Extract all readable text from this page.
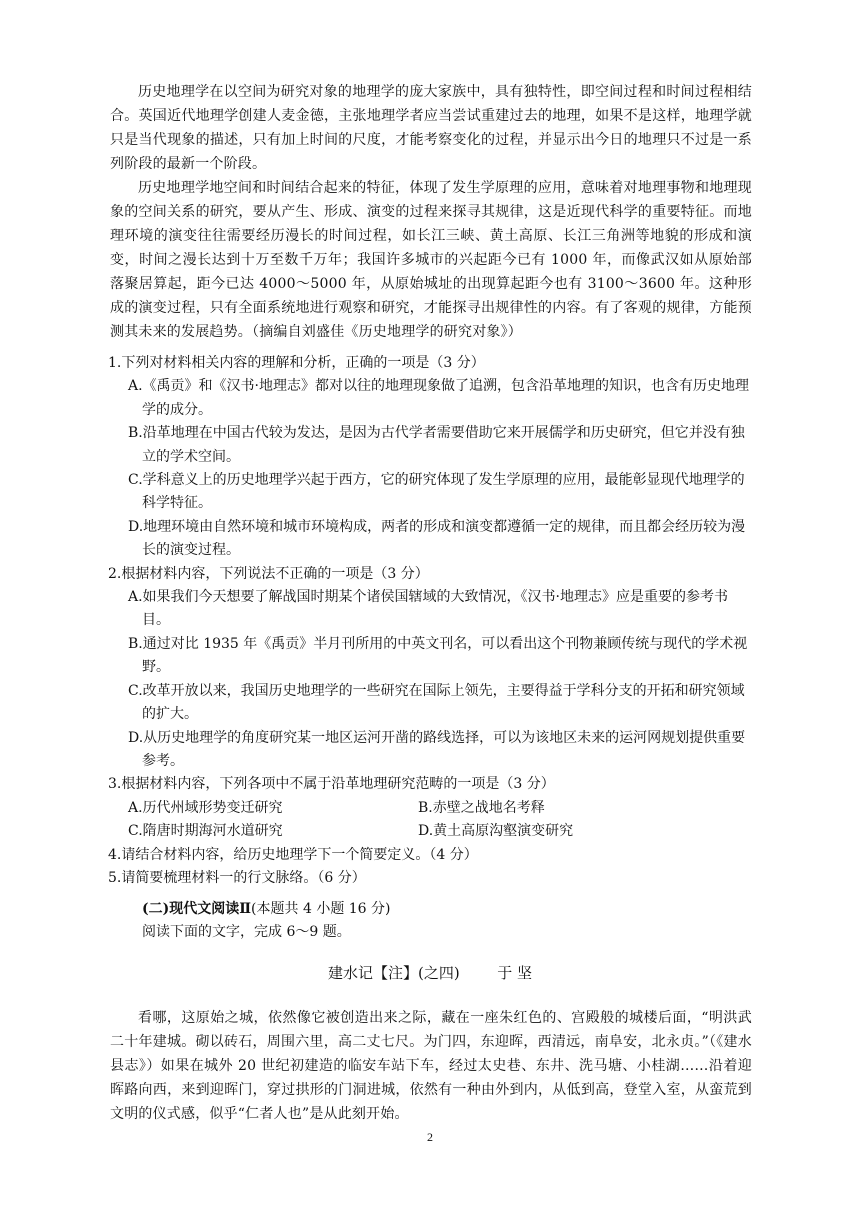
历史地理学在以空间为研究对象的地理学的庞大家族中，具有独特性，即空间过程和时间过程相结合。英国近代地理学创建人麦金德，主张地理学者应当尝试重建过去的地理，如果不是这样，地理学就只是当代现象的描述，只有加上时间的尺度，才能考察变化的过程，并显示出今日的地理只不过是一系列阶段的最新一个阶段。

历史地理学地空间和时间结合起来的特征，体现了发生学原理的应用，意味着对地理事物和地理现象的空间关系的研究，要从产生、形成、演变的过程来探寻其规律，这是近现代科学的重要特征。而地理环境的演变往往需要经历漫长的时间过程，如长江三峡、黄土高原、长江三角洲等地貌的形成和演变，时间之漫长达到十万至数千万年；我国许多城市的兴起距今已有 1000 年，而像武汉如从原始部落聚居算起，距今已达 4000～5000 年，从原始城址的出现算起距今也有 3100～3600 年。这种形成的演变过程，只有全面系统地进行观察和研究，才能探寻出规律性的内容。有了客观的规律，方能预测其未来的发展趋势。（摘编自刘盛佳《历史地理学的研究对象》）

1.下列对材料相关内容的理解和分析，正确的一项是（3 分）

A.《禹贡》和《汉书·地理志》都对以往的地理现象做了追溯，包含沿革地理的知识，也含有历史地理学的成分。

B.沿革地理在中国古代较为发达，是因为古代学者需要借助它来开展儒学和历史研究，但它并没有独立的学术空间。

C.学科意义上的历史地理学兴起于西方，它的研究体现了发生学原理的应用，最能彰显现代地理学的科学特征。

D.地理环境由自然环境和城市环境构成，两者的形成和演变都遵循一定的规律，而且都会经历较为漫长的演变过程。

2.根据材料内容，下列说法不正确的一项是（3 分）

A.如果我们今天想要了解战国时期某个诸侯国辖域的大致情况，《汉书·地理志》应是重要的参考书目。

B.通过对比 1935 年《禹贡》半月刊所用的中英文刊名，可以看出这个刊物兼顾传统与现代的学术视野。

C.改革开放以来，我国历史地理学的一些研究在国际上领先，主要得益于学科分支的开拓和研究领域的扩大。

D.从历史地理学的角度研究某一地区运河开凿的路线选择，可以为该地区未来的运河网规划提供重要参考。

3.根据材料内容，下列各项中不属于沿革地理研究范畴的一项是（3 分）

A.历代州域形势变迁研究	B.赤壁之战地名考释
C.隋唐时期海河水道研究	D.黄土高原沟壑演变研究

4.请结合材料内容，给历史地理学下一个简要定义。（4 分）

5.请简要梳理材料一的行文脉络。（6 分）

(二)现代文阅读Ⅱ(本题共 4 小题 16 分)
阅读下面的文字，完成 6～9 题。
建水记【注】(之四)	于 坚

看哪，这原始之城，依然像它被创造出来之际，藏在一座朱红色的、宫殿般的城楼后面，“明洪武二十年建城。砌以砖石，周围六里，高二丈七尺。为门四，东迎晖，西清远，南阜安，北永贞。”（《建水县志》）如果在城外 20 世纪初建造的临安车站下车，经过太史巷、东井、洗马塘、小桂湖……沿着迎晖路向西，来到迎晖门，穿过拱形的门洞进城，依然有一种由外到内，从低到高，登堂入室，从蛮荒到文明的仪式感，似乎“仁者人也”是从此刻开始。

2
